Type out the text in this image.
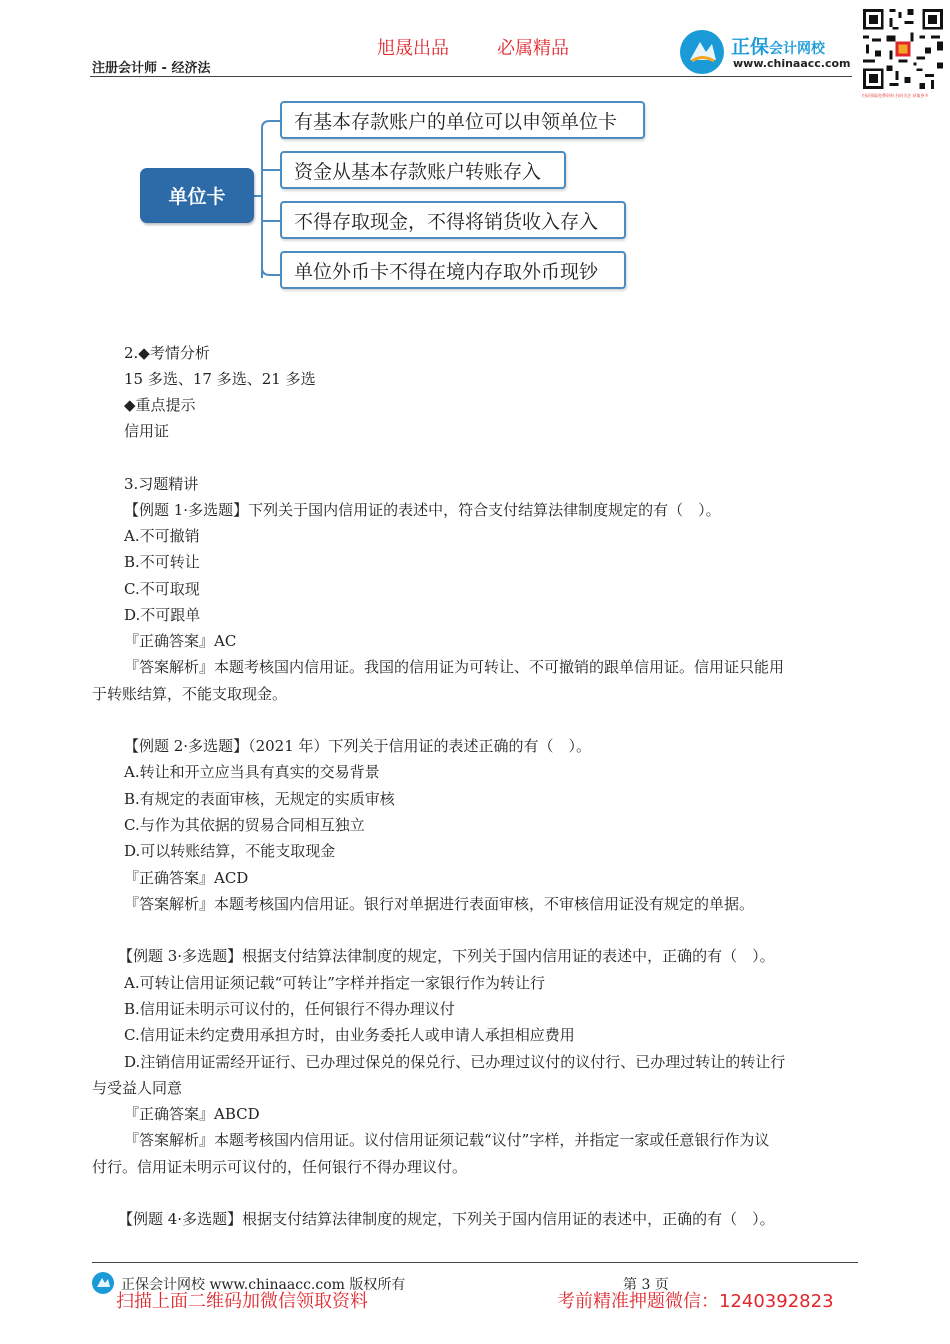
旭晟出品	必属精品
注册会计师 - 经济法
正保会计网校
www.chinaacc.com
扫码领取免费资料 扫码关注 获取更多
单位卡
有基本存款账户的单位可以申领单位卡
资金从基本存款账户转账存入
不得存取现金，不得将销货收入存入
单位外币卡不得在境内存取外币现钞
2.◆考情分析
15 多选、17 多选、21 多选
◆重点提示
信用证
3.习题精讲
【例题 1·多选题】下列关于国内信用证的表述中，符合支付结算法律制度规定的有（　）。
A.不可撤销
B.不可转让
C.不可取现
D.不可跟单
『正确答案』AC
『答案解析』本题考核国内信用证。我国的信用证为可转让、不可撤销的跟单信用证。信用证只能用
于转账结算，不能支取现金。
【例题 2·多选题】（2021 年）下列关于信用证的表述正确的有（　）。
A.转让和开立应当具有真实的交易背景
B.有规定的表面审核，无规定的实质审核
C.与作为其依据的贸易合同相互独立
D.可以转账结算，不能支取现金
『正确答案』ACD
『答案解析』本题考核国内信用证。银行对单据进行表面审核，不审核信用证没有规定的单据。
【例题 3·多选题】根据支付结算法律制度的规定，下列关于国内信用证的表述中，正确的有（　）。
A.可转让信用证须记载“可转让”字样并指定一家银行作为转让行
B.信用证未明示可议付的，任何银行不得办理议付
C.信用证未约定费用承担方时，由业务委托人或申请人承担相应费用
D.注销信用证需经开证行、已办理过保兑的保兑行、已办理过议付的议付行、已办理过转让的转让行
与受益人同意
『正确答案』ABCD
『答案解析』本题考核国内信用证。议付信用证须记载“议付”字样，并指定一家或任意银行作为议
付行。信用证未明示可议付的，任何银行不得办理议付。
【例题 4·多选题】根据支付结算法律制度的规定，下列关于国内信用证的表述中，正确的有（　）。
正保会计网校 www.chinaacc.com 版权所有	第 3 页
扫描上面二维码加微信领取资料	考前精准押题微信：1240392823
